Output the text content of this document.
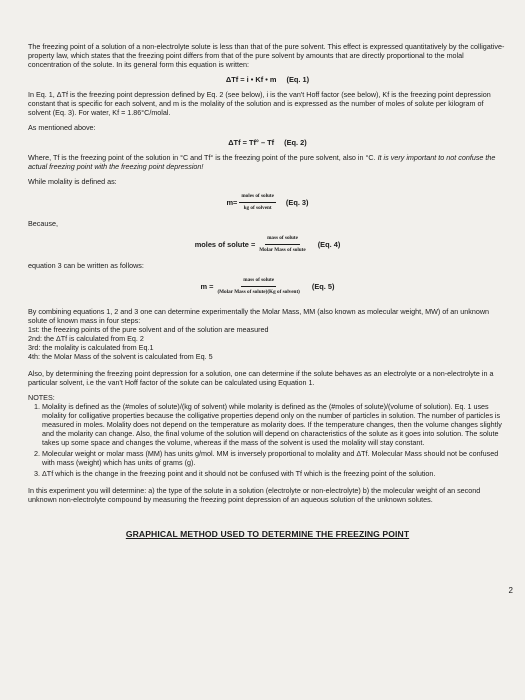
The freezing point of a solution of a non-electrolyte solute is less than that of the pure solvent. This effect is expressed quantitatively by the colligative-property law, which states that the freezing point differs from that of the pure solvent by amounts that are directly proportional to the molal concentration of the solute. In its general form this equation is written:

ΔTf = i • Kf • m (Eq. 1)

In Eq. 1, ΔTf is the freezing point depression defined by Eq. 2 (see below), i is the van't Hoff factor (see below), Kf is the freezing point depression constant that is specific for each solvent, and m is the molality of the solution and is expressed as the number of moles of solute per kilogram of solvent (Eq. 3). For water, Kf = 1.86°C/molal.

As mentioned above:

ΔTf = Tf° – Tf (Eq. 2)

Where, Tf is the freezing point of the solution in °C and Tf° is the freezing point of the pure solvent, also in °C. It is very important to not confuse the actual freezing point with the freezing point depression!

While molality is defined as:

$m= \frac{\text{moles of solute}}{\text{kg of solvent}} (Eq$. 3)

Because,

moles of solute = $\frac{\text{mass of solute}}{\text{Molar Mass of solute}} (Eq$. 4)

equation 3 can be written as follows:

$m = \frac{\text{mass of solute}}{\text{(Molar Mass of solute)(Kg of solvent)}} (Eq$. 5)

By combining equations 1, 2 and 3 one can determine experimentally the Molar Mass, MM (also known as molecular weight, MW) of an unknown solute of known mass in four steps:

1st: the freezing points of the pure solvent and of the solution are measured
2nd: the ΔTf is calculated from Eq. 2
3rd: the molality is calculated from Eq.1
4th: the Molar Mass of the solvent is calculated from Eq. 5

Also, by determining the freezing point depression for a solution, one can determine if the solute behaves as an electrolyte or a non-electrolyte in a particular solvent, i.e the van't Hoff factor of the solute can be calculated using Equation 1.

NOTES:
1. Molality is defined as the (#moles of solute)/(kg of solvent) while molarity is defined as the (#moles of solute)/(volume of solution). Eq. 1 uses molality for colligative properties because the colligative properties depend only on the number of particles in solution. The number of particles is measured in moles. Molality does not depend on the temperature as molarity does. If the temperature changes, then the volume changes slightly and the molarity can change. Also, the final volume of the solution will depend on characteristics of the solute as it goes into solution. The solute takes up some space and changes the volume, whereas if the mass of the solvent is used the molality will stay constant.
2. Molecular weight or molar mass (MM) has units g/mol. MM is inversely proportional to molality and ΔTf. Molecular Mass should not be confused with mass (weight) which has units of grams (g).
3. ΔTf which is the change in the freezing point and it should not be confused with Tf which is the freezing point of the solution.

In this experiment you will determine: a) the type of the solute in a solution (electrolyte or non-electrolyte) b) the molecular weight of an second unknown non-electrolyte compound by measuring the freezing point depression of an aqueous solution of the unknown solutes.

GRAPHICAL METHOD USED TO DETERMINE THE FREEZING POINT
2
